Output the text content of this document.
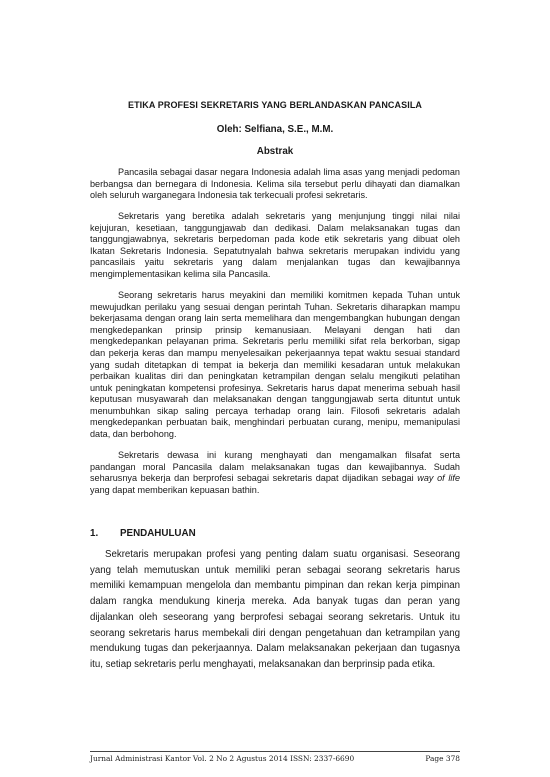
ETIKA PROFESI SEKRETARIS YANG BERLANDASKAN PANCASILA
Oleh: Selfiana, S.E., M.M.
Abstrak

Pancasila sebagai dasar negara Indonesia adalah lima asas yang menjadi pedoman berbangsa dan bernegara di Indonesia. Kelima sila tersebut perlu dihayati dan diamalkan oleh seluruh warganegara Indonesia tak terkecuali profesi sekretaris.

Sekretaris yang beretika adalah sekretaris yang menjunjung tinggi nilai nilai kejujuran, kesetiaan, tanggungjawab dan dedikasi. Dalam melaksanakan tugas dan tanggungjawabnya, sekretaris berpedoman pada kode etik sekretaris yang dibuat oleh Ikatan Sekretaris Indonesia. Sepatutnyalah bahwa sekretaris merupakan individu yang pancasilais yaitu sekretaris yang dalam menjalankan tugas dan kewajibannya mengimplementasikan kelima sila Pancasila.

Seorang sekretaris harus meyakini dan memiliki komitmen kepada Tuhan untuk mewujudkan perilaku yang sesuai dengan perintah Tuhan. Sekretaris diharapkan mampu bekerjasama dengan orang lain serta memelihara dan mengembangkan hubungan dengan mengkedepankan prinsip prinsip kemanusiaan. Melayani dengan hati dan mengkedepankan pelayanan prima. Sekretaris perlu memiliki sifat rela berkorban, sigap dan pekerja keras dan mampu menyelesaikan pekerjaannya tepat waktu sesuai standard yang sudah ditetapkan di tempat ia bekerja dan memiliki kesadaran untuk melakukan perbaikan kualitas diri dan peningkatan ketrampilan dengan selalu mengikuti pelatihan untuk peningkatan kompetensi profesinya. Sekretaris harus dapat menerima sebuah hasil keputusan musyawarah dan melaksanakan dengan tanggungjawab serta dituntut untuk menumbuhkan sikap saling percaya terhadap orang lain. Filosofi sekretaris adalah mengkedepankan perbuatan baik, menghindari perbuatan curang, menipu, memanipulasi data, dan berbohong.

Sekretaris dewasa ini kurang menghayati dan mengamalkan filsafat serta pandangan moral Pancasila dalam melaksanakan tugas dan kewajibannya. Sudah seharusnya bekerja dan berprofesi sebagai sekretaris dapat dijadikan sebagai way of life yang dapat memberikan kepuasan bathin.

1. PENDAHULUAN

Sekretaris merupakan profesi yang penting dalam suatu organisasi. Seseorang yang telah memutuskan untuk memiliki peran sebagai seorang sekretaris harus memiliki kemampuan mengelola dan membantu pimpinan dan rekan kerja pimpinan dalam rangka mendukung kinerja mereka. Ada banyak tugas dan peran yang dijalankan oleh seseorang yang berprofesi sebagai seorang sekretaris. Untuk itu seorang sekretaris harus membekali diri dengan pengetahuan dan ketrampilan yang mendukung tugas dan pekerjaannya. Dalam melaksanakan pekerjaan dan tugasnya itu, setiap sekretaris perlu menghayati, melaksanakan dan berprinsip pada etika.

Jurnal Administrasi Kantor Vol. 2 No 2 Agustus 2014 ISSN: 2337-6690	Page 378
